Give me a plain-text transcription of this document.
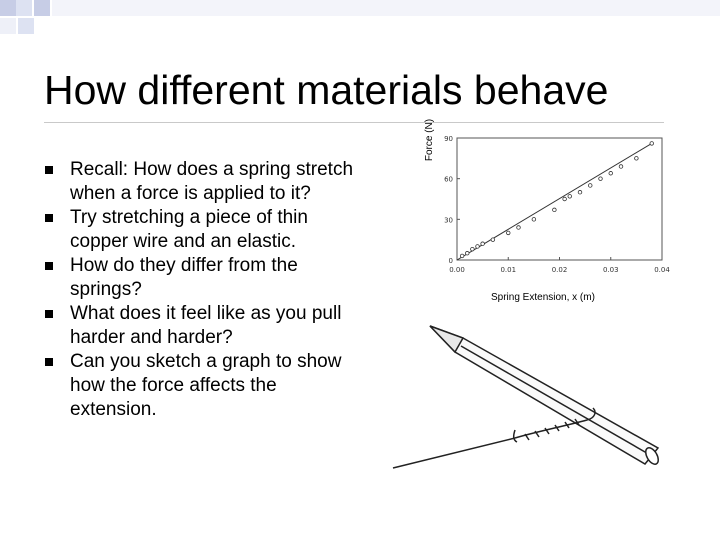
How different materials behave
Recall: How does a spring stretch when a force is applied to it?
Try stretching a piece of thin copper wire and an elastic.
How do they differ from the springs?
What does it feel like as you pull harder and harder?
Can you sketch a graph to show how the force affects the extension.
0.00	0.01	0.02	0.03	0.04
0
30
60
90
Force (N)
Spring Extension, x (m)
